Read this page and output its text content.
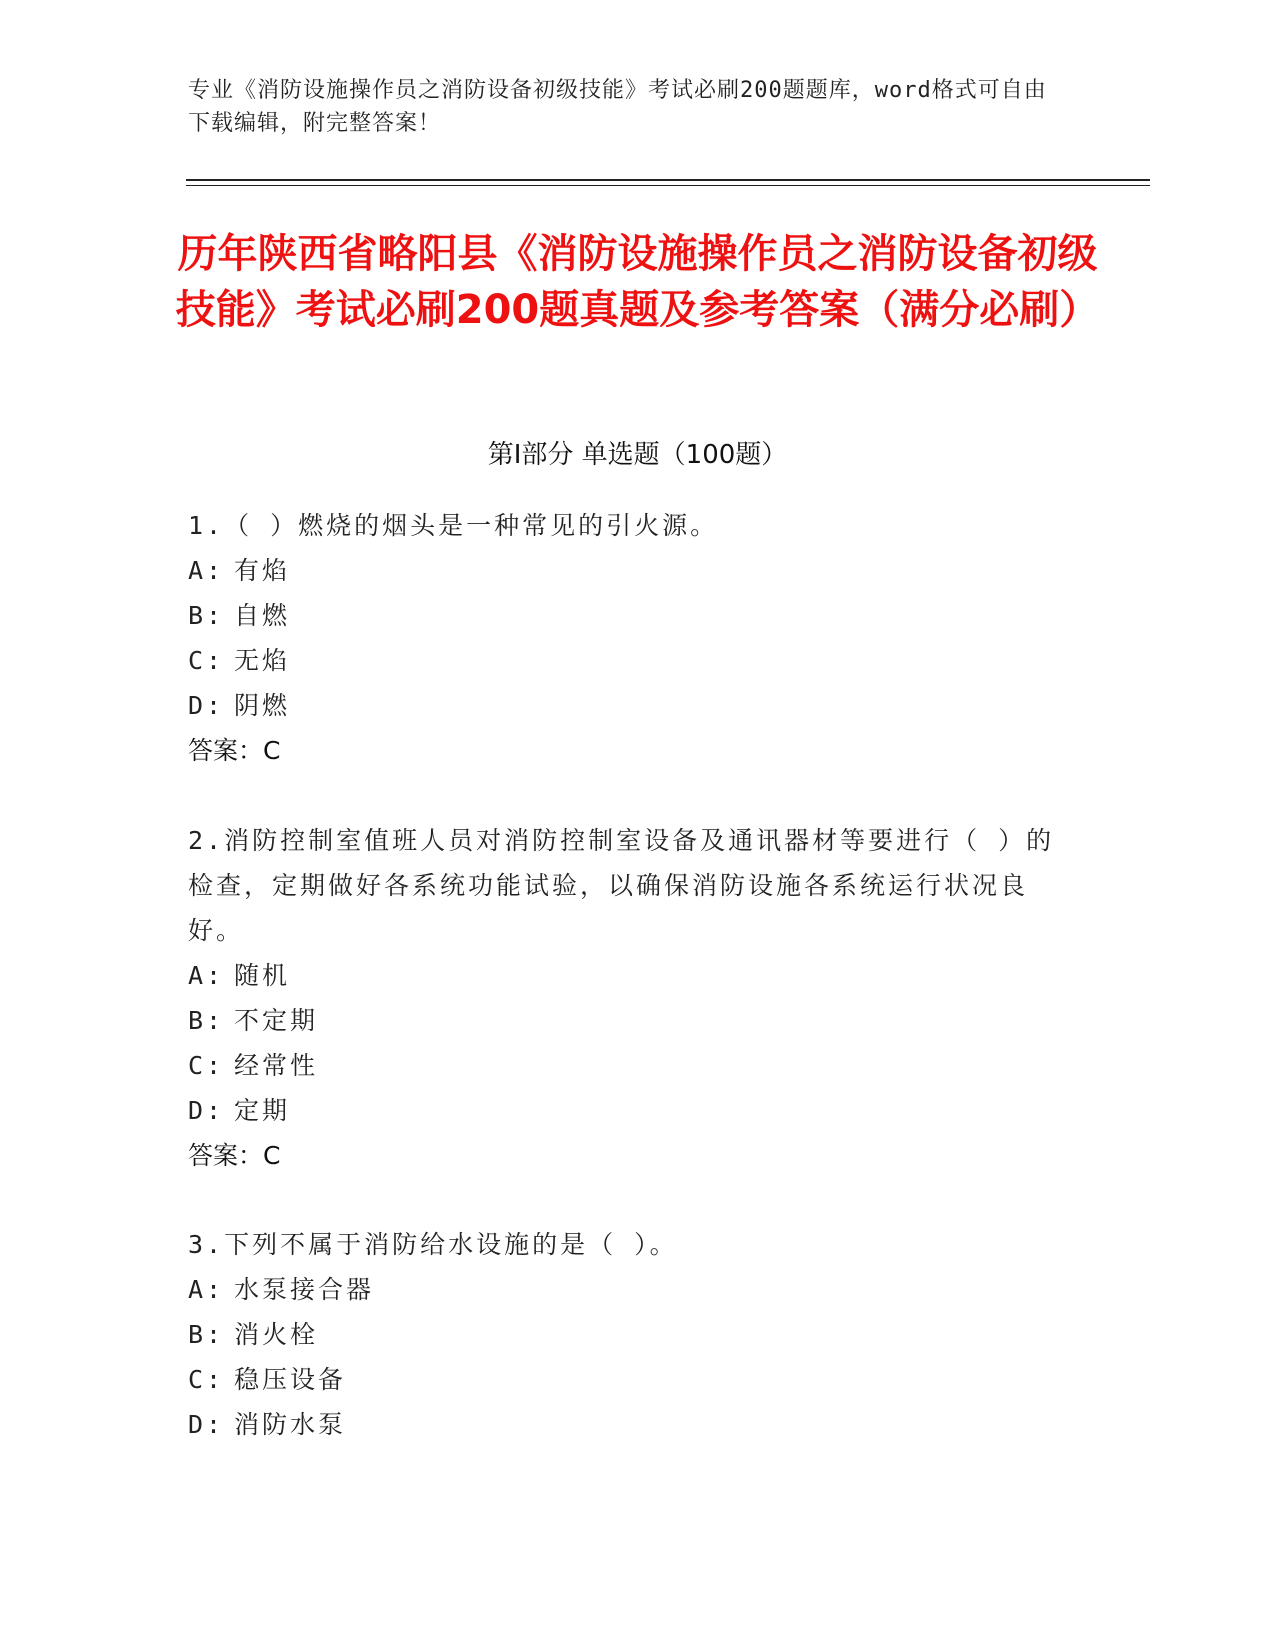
专业《消防设施操作员之消防设备初级技能》考试必刷200题题库，word格式可自由下载编辑，附完整答案！
历年陕西省略阳县《消防设施操作员之消防设备初级技能》考试必刷200题真题及参考答案（满分必刷）
第Ⅰ部分 单选题（100题）
1.（ ）燃烧的烟头是一种常见的引火源。
A: 有焰
B: 自燃
C: 无焰
D: 阴燃
答案：C
2.消防控制室值班人员对消防控制室设备及通讯器材等要进行（ ）的检查，定期做好各系统功能试验，以确保消防设施各系统运行状况良好。
A: 随机
B: 不定期
C: 经常性
D: 定期
答案：C
3.下列不属于消防给水设施的是（ ）。
A: 水泵接合器
B: 消火栓
C: 稳压设备
D: 消防水泵
